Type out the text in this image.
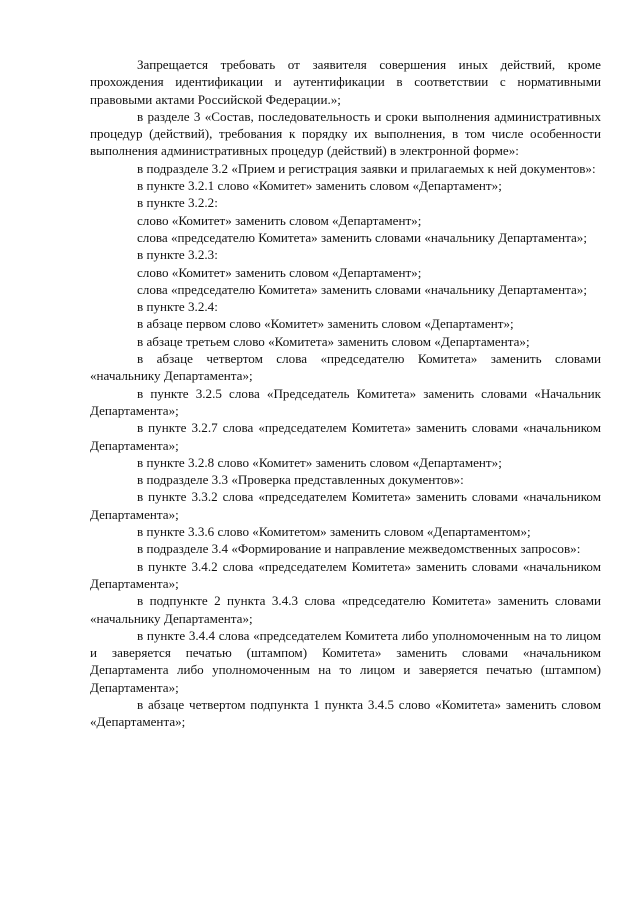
Запрещается требовать от заявителя совершения иных действий, кроме прохождения идентификации и аутентификации в соответствии с нормативными правовыми актами Российской Федерации.»;

в разделе 3 «Состав, последовательность и сроки выполнения административных процедур (действий), требования к порядку их выполнения, в том числе особенности выполнения административных процедур (действий) в электронной форме»:

в подразделе 3.2 «Прием и регистрация заявки и прилагаемых к ней документов»:

в пункте 3.2.1 слово «Комитет» заменить словом «Департамент»;

в пункте 3.2.2:

слово «Комитет» заменить словом «Департамент»;

слова «председателю Комитета» заменить словами «начальнику Департамента»;

в пункте 3.2.3:

слово «Комитет» заменить словом «Департамент»;

слова «председателю Комитета» заменить словами «начальнику Департамента»;

в пункте 3.2.4:

в абзаце первом слово «Комитет» заменить словом «Департамент»;

в абзаце третьем слово «Комитета» заменить словом «Департамента»;

в абзаце четвертом слова «председателю Комитета» заменить словами «начальнику Департамента»;

в пункте 3.2.5 слова «Председатель Комитета» заменить словами «Начальник Департамента»;

в пункте 3.2.7 слова «председателем Комитета» заменить словами «начальником Департамента»;

в пункте 3.2.8 слово «Комитет» заменить словом «Департамент»;

в подразделе 3.3 «Проверка представленных документов»:

в пункте 3.3.2 слова «председателем Комитета» заменить словами «начальником Департамента»;

в пункте 3.3.6 слово «Комитетом» заменить словом «Департаментом»;

в подразделе 3.4 «Формирование и направление межведомственных запросов»:

в пункте 3.4.2 слова «председателем Комитета» заменить словами «начальником Департамента»;

в подпункте 2 пункта 3.4.3 слова «председателю Комитета» заменить словами «начальнику Департамента»;

в пункте 3.4.4 слова «председателем Комитета либо уполномоченным на то лицом и заверяется печатью (штампом) Комитета» заменить словами «начальником Департамента либо уполномоченным на то лицом и заверяется печатью (штампом) Департамента»;

в абзаце четвертом подпункта 1 пункта 3.4.5 слово «Комитета» заменить словом «Департамента»;
